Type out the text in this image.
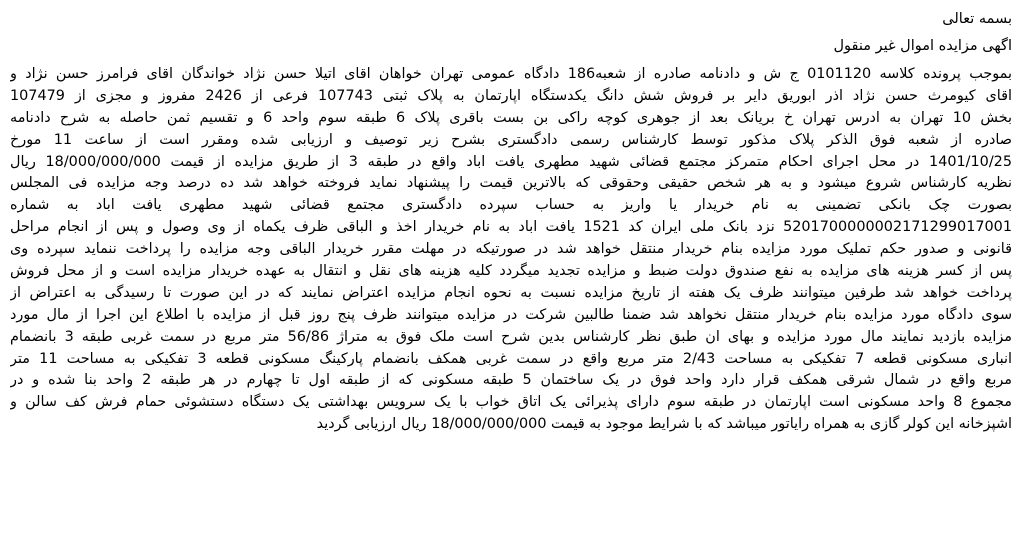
بسمه تعالی
اگهی مزایده اموال غیر منقول
بموجب پرونده کلاسه 0101120 ج ش و دادنامه صادره از شعبه186 دادگاه عمومی تهران خواهان اقای اتیلا حسن نژاد خواندگان اقای فرامرز حسن نژاد و
اقای کیومرث حسن نژاد اذر ابوریق دایر بر فروش شش دانگ یکدستگاه اپارتمان به پلاک ثبتی 107743 فرعی از 2426 مفروز و مجزی از 107479
بخش 10 تهران به ادرس تهران خ بریانک بعد از جوهری کوچه راکی بن بست باقری پلاک 6 طبقه سوم واحد 6 و تقسیم ثمن حاصله به شرح دادنامه
صادره از شعبه فوق الذکر پلاک مذکور توسط کارشناس رسمی دادگستری بشرح زیر توصیف و ارزیابی شده ومقرر است از ساعت 11 مورخ
1401/10/25 در محل اجرای احکام متمرکز مجتمع قضائی شهید مطهری یافت اباد واقع در طبقه 3 از طریق مزایده از قیمت 18/000/000/000 ریال
نظریه کارشناس شروع میشود و به هر شخص حقیقی وحقوقی که بالاترین قیمت را پیشنهاد نماید فروخته خواهد شد ده درصد وجه مزایده فی المجلس
بصورت چک بانکی تضمینی به نام خریدار یا واریز به حساب سپرده دادگستری مجتمع قضائی شهید مطهری یافت اباد به شماره
5201700000002171299017001 نزد بانک ملی ایران کد 1521 یافت اباد به نام خریدار اخذ و الباقی ظرف یکماه از وی وصول و پس از انجام مراحل
قانونی و صدور حکم تملیک مورد مزایده بنام خریدار منتقل خواهد شد در صورتیکه در مهلت مقرر خریدار الباقی وجه مزایده را پرداخت ننماید سپرده وی
پس از کسر هزینه های مزایده به نفع صندوق دولت ضبط و مزایده تجدید میگردد کلیه هزینه های نقل و انتقال به عهده خریدار مزایده است و از محل فروش
پرداخت خواهد شد طرفین میتوانند ظرف یک هفته از تاریخ مزایده نسبت به نحوه انجام مزایده اعتراض نمایند که در این صورت تا رسیدگی به اعتراض از
سوی دادگاه مورد مزایده بنام خریدار منتقل نخواهد شد ضمنا طالبین شرکت در مزایده میتوانند ظرف پنج روز قبل از مزایده با اطلاع این اجرا از مال مورد
مزایده بازدید نمایند مال مورد مزایده و بهای ان طبق نظر کارشناس بدین شرح است ملک فوق به متراژ 56/86 متر مربع در سمت غربی طبقه 3 بانضمام
انباری مسکونی قطعه 7 تفکیکی به مساحت 2/43 متر مربع واقع در سمت غربی همکف بانضمام پارکینگ مسکونی قطعه 3 تفکیکی به مساحت 11 متر
مربع واقع در شمال شرقی همکف قرار دارد واحد فوق در یک ساختمان 5 طبقه مسکونی که از طبقه اول تا چهارم در هر طبقه 2 واحد بنا شده و در
مجموع 8 واحد مسکونی است اپارتمان در طبقه سوم دارای پذیرائی یک اتاق خواب با یک سرویس بهداشتی یک دستگاه دستشوئی حمام فرش کف سالن و
اشپزخانه این کولر گازی به همراه رایاتور میباشد که با شرایط موجود به قیمت 18/000/000/000 ریال ارزیابی گردید
